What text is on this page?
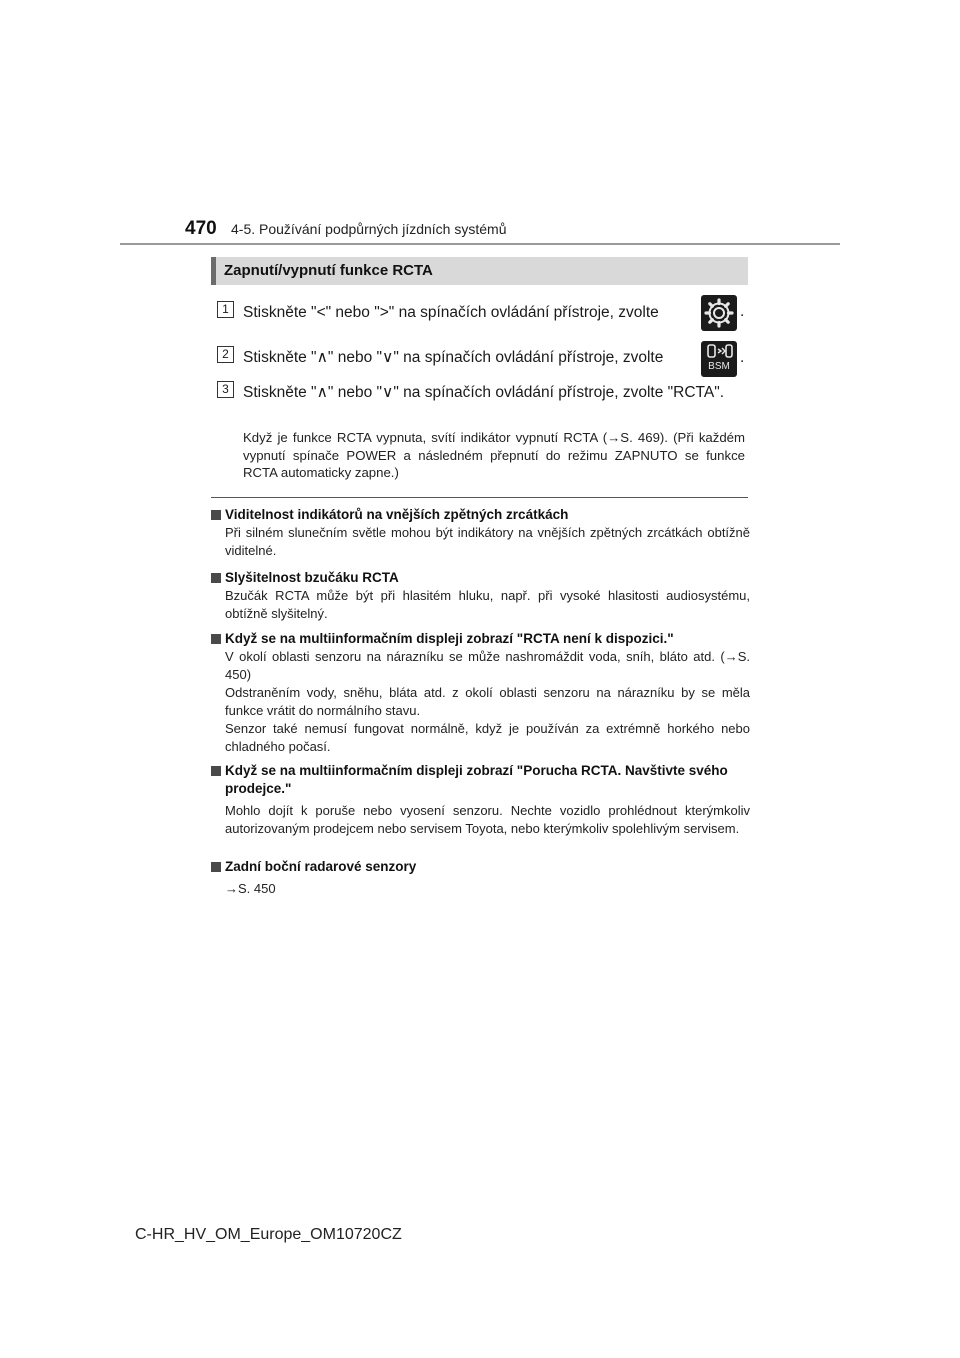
470 4-5. Používání podpůrných jízdních systémů
Zapnutí/vypnutí funkce RCTA
1 Stiskněte "<" nebo ">" na spínačích ovládání přístroje, zvolte	.
2 Stiskněte "∧" nebo "∨" na spínačích ovládání přístroje, zvolte
BSM
.
3 Stiskněte "∧" nebo "∨" na spínačích ovládání přístroje, zvolte "RCTA".
Když je funkce RCTA vypnuta, svítí indikátor vypnutí RCTA (→S. 469). (Při každém vypnutí spínače POWER a následném přepnutí do režimu ZAPNUTO se funkce RCTA automaticky zapne.)
Viditelnost indikátorů na vnějších zpětných zrcátkách

Při silném slunečním světle mohou být indikátory na vnějších zpětných zrcátkách obtížně viditelné.

Slyšitelnost bzučáku RCTA

Bzučák RCTA může být při hlasitém hluku, např. při vysoké hlasitosti audiosystému, obtížně slyšitelný.

Když se na multiinformačním displeji zobrazí "RCTA není k dispozici."

V okolí oblasti senzoru na nárazníku se může nashromáždit voda, sníh, bláto atd. (→S. 450)

Odstraněním vody, sněhu, bláta atd. z okolí oblasti senzoru na nárazníku by se měla funkce vrátit do normálního stavu.

Senzor také nemusí fungovat normálně, když je používán za extrémně horkého nebo chladného počasí.

Když se na multiinformačním displeji zobrazí "Porucha RCTA. Navštivte svého prodejce."

Mohlo dojít k poruše nebo vyosení senzoru. Nechte vozidlo prohlédnout kterýmkoliv autorizovaným prodejcem nebo servisem Toyota, nebo kterýmkoliv spolehlivým servisem.

Zadní boční radarové senzory

→S. 450

C-HR_HV_OM_Europe_OM10720CZ
